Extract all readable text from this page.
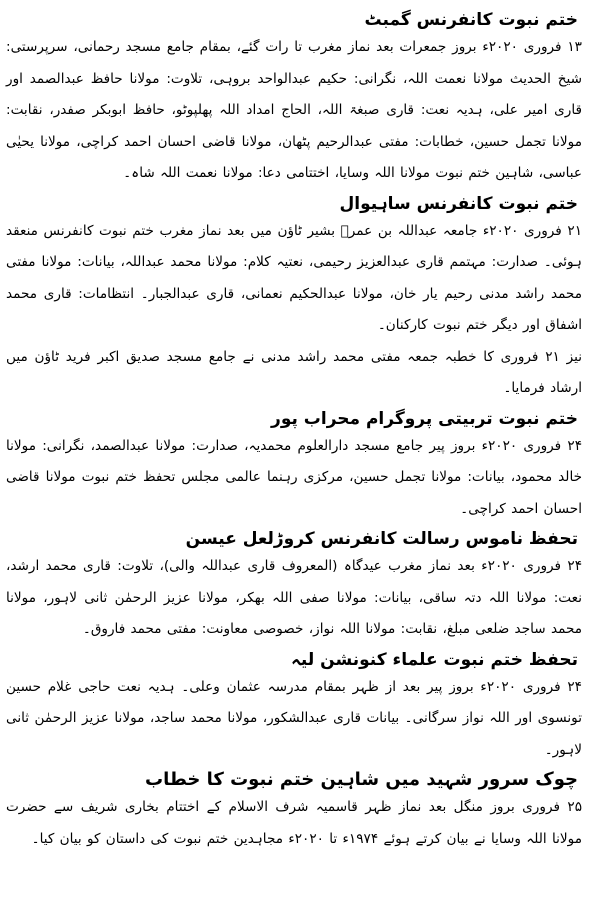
ختم نبوت کانفرنس گمبٹ

۱۳ فروری ۲۰۲۰ء بروز جمعرات بعد نماز مغرب تا رات گئے، بمقام جامع مسجد رحمانی، سرپرستی: شیخ الحدیث مولانا نعمت اللہ، نگرانی: حکیم عبدالواحد بروہی، تلاوت: مولانا حافظ عبدالصمد اور قاری امیر علی، ہدیہ نعت: قاری صبغۃ اللہ، الحاج امداد اللہ پھلپوٹو، حافظ ابوبکر صفدر، نقابت: مولانا تجمل حسین، خطابات: مفتی عبدالرحیم پٹھان، مولانا قاضی احسان احمد کراچی، مولانا یحیٰی عباسی، شاہین ختم نبوت مولانا اللہ وسایا، اختتامی دعا: مولانا نعمت اللہ شاہ۔

ختم نبوت کانفرنس ساہیوال

۲۱ فروری ۲۰۲۰ء جامعہ عبداللہ بن عمرؓ بشیر ٹاؤن میں بعد نماز مغرب ختم نبوت کانفرنس منعقد ہوئی۔ صدارت: مہتمم قاری عبدالعزیز رحیمی، نعتیہ کلام: مولانا محمد عبداللہ، بیانات: مولانا مفتی محمد راشد مدنی رحیم یار خان، مولانا عبدالحکیم نعمانی، قاری عبدالجبار۔ انتظامات: قاری محمد اشفاق اور دیگر ختم نبوت کارکنان۔

نیز ۲۱ فروری کا خطبہ جمعہ مفتی محمد راشد مدنی نے جامع مسجد صدیق اکبر فرید ٹاؤن میں ارشاد فرمایا۔

ختم نبوت تربیتی پروگرام محراب پور

۲۴ فروری ۲۰۲۰ء بروز پیر جامع مسجد دارالعلوم محمدیہ، صدارت: مولانا عبدالصمد، نگرانی: مولانا خالد محمود، بیانات: مولانا تجمل حسین، مرکزی رہنما عالمی مجلس تحفظ ختم نبوت مولانا قاضی احسان احمد کراچی۔

تحفظ ناموس رسالت کانفرنس کروڑلعل عیسن

۲۴ فروری ۲۰۲۰ء بعد نماز مغرب عیدگاہ (المعروف قاری عبداللہ والی)، تلاوت: قاری محمد ارشد، نعت: مولانا اللہ دتہ ساقی، بیانات: مولانا صفی اللہ بھکر، مولانا عزیز الرحمٰن ثانی لاہور، مولانا محمد ساجد ضلعی مبلغ، نقابت: مولانا اللہ نواز، خصوصی معاونت: مفتی محمد فاروق۔

تحفظ ختم نبوت علماء کنونشن لیہ

۲۴ فروری ۲۰۲۰ء بروز پیر بعد از ظہر بمقام مدرسہ عثمان وعلی۔ ہدیہ نعت حاجی غلام حسین تونسوی اور اللہ نواز سرگانی۔ بیانات قاری عبدالشکور، مولانا محمد ساجد، مولانا عزیز الرحمٰن ثانی لاہور۔

چوک سرور شہید میں شاہین ختم نبوت کا خطاب

۲۵ فروری بروز منگل بعد نماز ظہر قاسمیہ شرف الاسلام کے اختتام بخاری شریف سے حضرت مولانا اللہ وسایا نے بیان کرتے ہوئے ۱۹۷۴ء تا ۲۰۲۰ء مجاہدین ختم نبوت کی داستان کو بیان کیا۔
